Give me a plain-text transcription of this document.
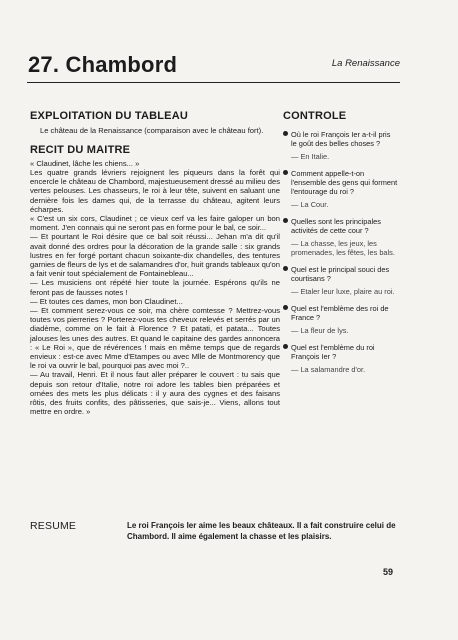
27. Chambord	La Renaissance
EXPLOITATION DU TABLEAU

Le château de la Renaissance (comparaison avec le château fort).

RECIT DU MAITRE

« Claudinet, lâche les chiens... »
Les quatre grands lévriers rejoignent les piqueurs dans la forêt qui encercle le château de Chambord, majestueusement dressé au milieu des vertes pelouses. Les chasseurs, le roi à leur tête, suivent en saluant une dernière fois les dames qui, de la terrasse du château, agitent leurs écharpes.
« C'est un six cors, Claudinet ; ce vieux cerf va les faire galoper un bon moment. J'en connais qui ne seront pas en forme pour le bal, ce soir...
— Et pourtant le Roi désire que ce bal soit réussi... Jehan m'a dit qu'il avait donné des ordres pour la décoration de la grande salle : six grands lustres en fer forgé portant chacun soixante-dix chandelles, des tentures garnies de fleurs de lys et de salamandres d'or, huit grands tableaux qu'on a fait venir tout spécialement de Fontainebleau...
— Les musiciens ont répété hier toute la journée. Espérons qu'ils ne feront pas de fausses notes !
— Et toutes ces dames, mon bon Claudinet...
— Et comment serez-vous ce soir, ma chère comtesse ? Mettrez-vous toutes vos pierreries ? Porterez-vous tes cheveux relevés et serrés par un diadème, comme on le fait à Florence ? Et patati, et patata... Toutes jalouses les unes des autres. Et quand le capitaine des gardes annoncera : « Le Roi », que de révérences ! mais en même temps que de regards envieux : est-ce avec Mme d'Etampes ou avec Mlle de Montmorency que le roi va ouvrir le bal, pourquoi pas avec moi ?..
— Au travail, Henri. Et il nous faut aller préparer le couvert : tu sais que depuis son retour d'Italie, notre roi adore les tables bien préparées et ornées des mets les plus délicats : il y aura des cygnes et des faisans rôtis, des fruits confits, des pâtisseries, que sais-je... Viens, allons tout mettre en ordre. »

CONTROLE
Où le roi François Ier a-t-il pris le goût des belles choses ?
— En Italie.
Comment appelle-t-on l'ensemble des gens qui forment l'entourage du roi ?
— La Cour.
Quelles sont les principales activités de cette cour ?
— La chasse, les jeux, les promenades, les fêtes, les bals.
Quel est le principal souci des courtisans ?
— Etaler leur luxe, plaire au roi.
Quel est l'emblème des roi de France ?
— La fleur de lys.
Quel est l'emblème du roi François Ier ?
— La salamandre d'or.
RESUME	Le roi François Ier aime les beaux châteaux. Il a fait construire celui de Chambord. Il aime également la chasse et les plaisirs.
59
